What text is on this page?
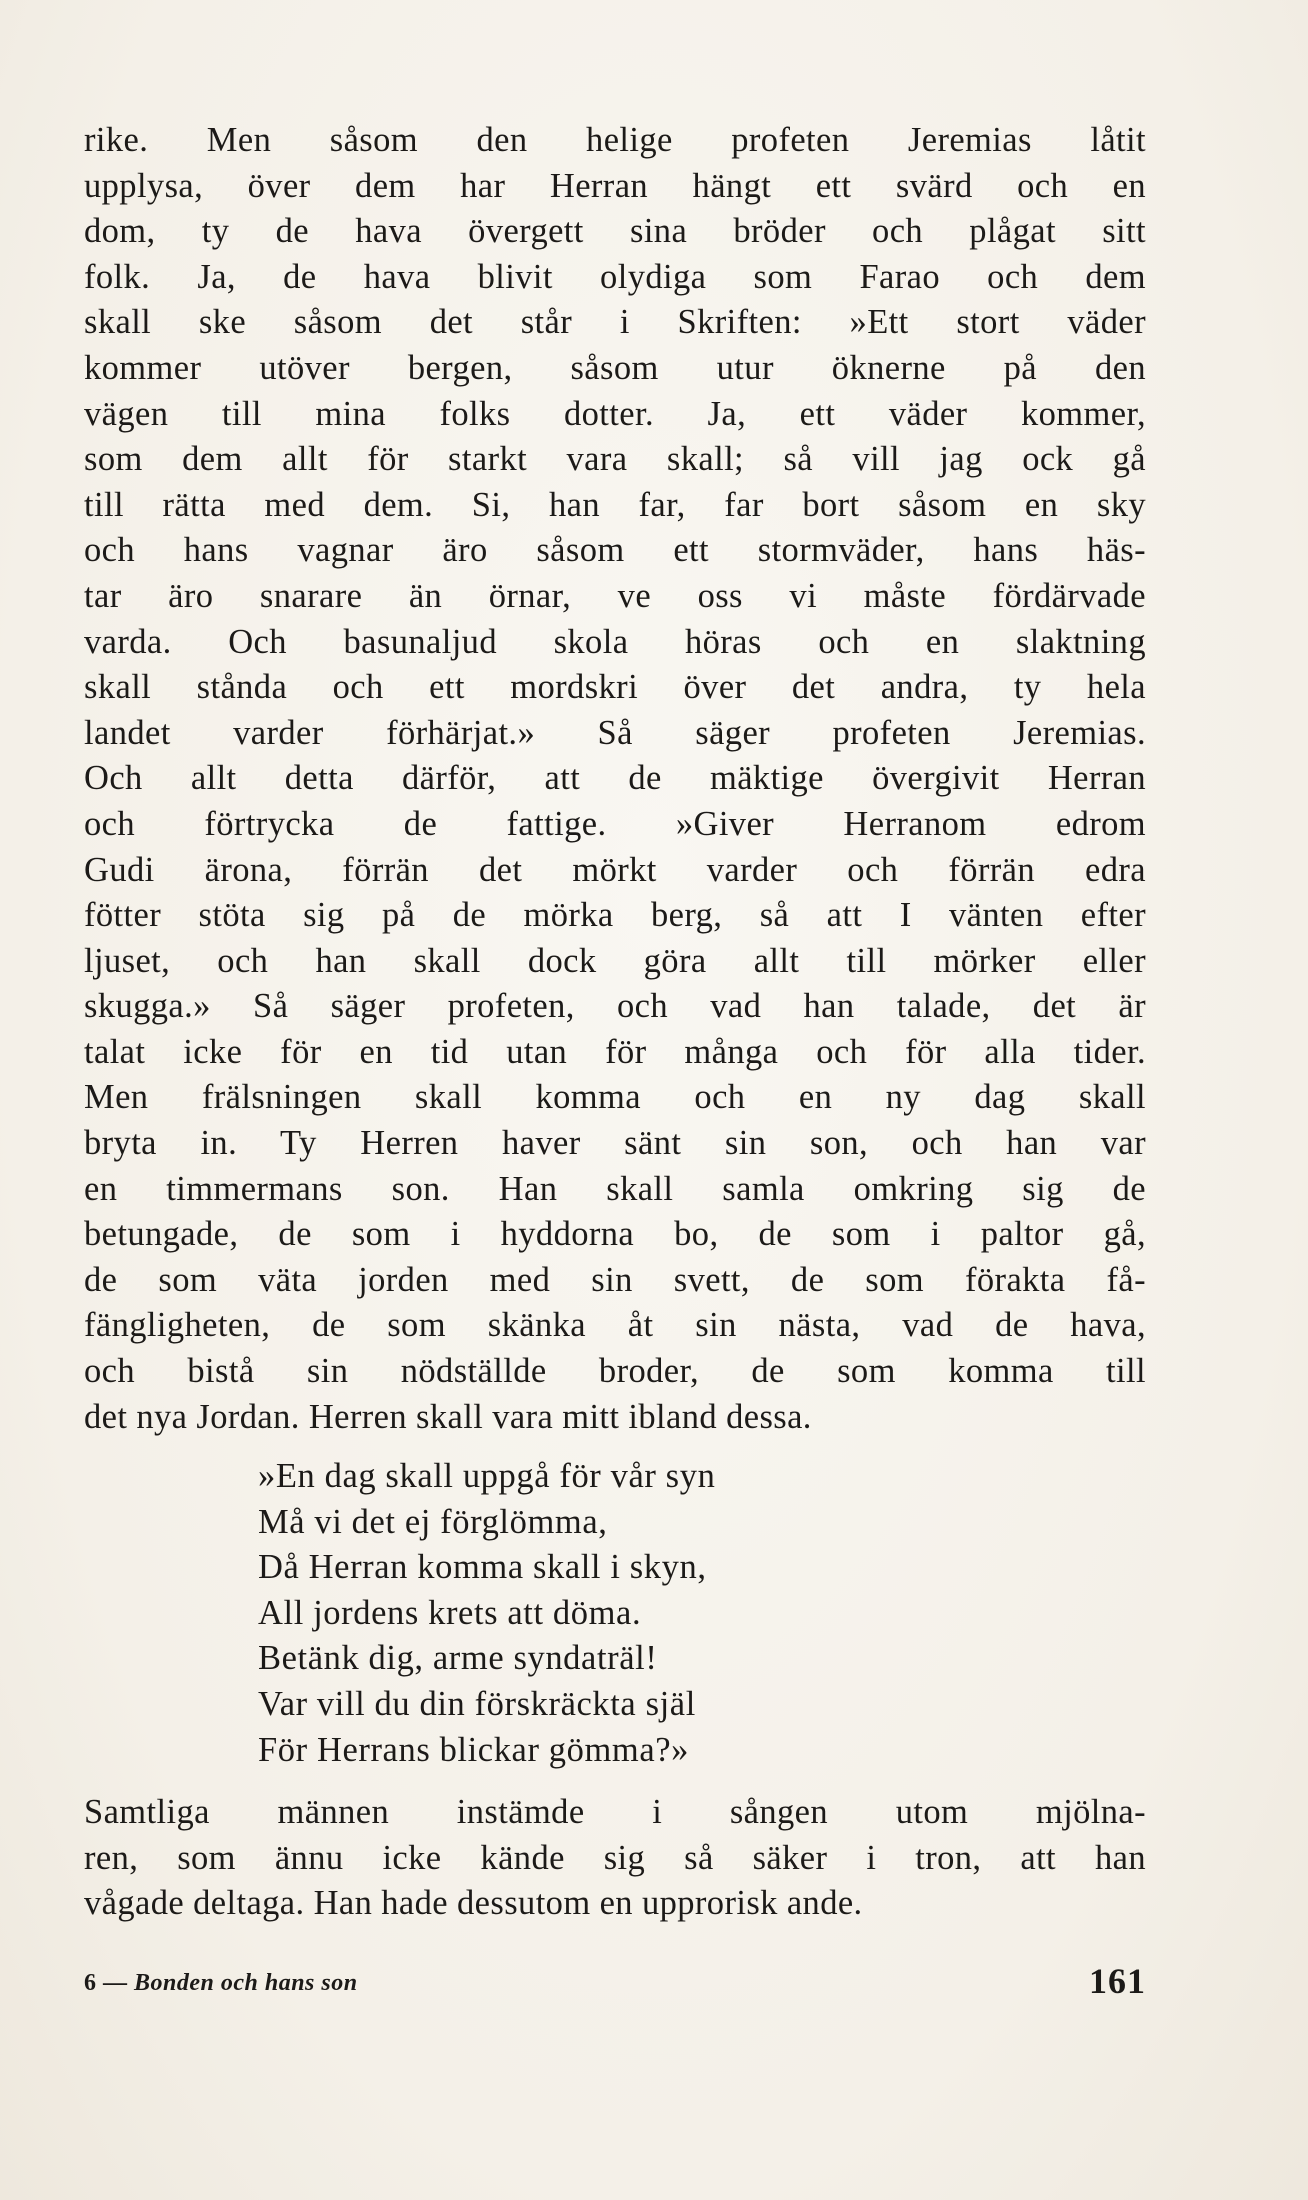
rike. Men såsom den helige profeten Jeremias låtit
upplysa, över dem har Herran hängt ett svärd och en
dom, ty de hava övergett sina bröder och plågat sitt
folk. Ja, de hava blivit olydiga som Farao och dem
skall ske såsom det står i Skriften: »Ett stort väder
kommer utöver bergen, såsom utur öknerne på den
vägen till mina folks dotter. Ja, ett väder kommer,
som dem allt för starkt vara skall; så vill jag ock gå
till rätta med dem. Si, han far, far bort såsom en sky
och hans vagnar äro såsom ett stormväder, hans häs-
tar äro snarare än örnar, ve oss vi måste fördärvade
varda. Och basunaljud skola höras och en slaktning
skall stånda och ett mordskri över det andra, ty hela
landet varder förhärjat.» Så säger profeten Jeremias.
Och allt detta därför, att de mäktige övergivit Herran
och förtrycka de fattige. »Giver Herranom edrom
Gudi ärona, förrän det mörkt varder och förrän edra
fötter stöta sig på de mörka berg, så att I vänten efter
ljuset, och han skall dock göra allt till mörker eller
skugga.» Så säger profeten, och vad han talade, det är
talat icke för en tid utan för många och för alla tider.
Men frälsningen skall komma och en ny dag skall
bryta in. Ty Herren haver sänt sin son, och han var
en timmermans son. Han skall samla omkring sig de
betungade, de som i hyddorna bo, de som i paltor gå,
de som väta jorden med sin svett, de som förakta få-
fängligheten, de som skänka åt sin nästa, vad de hava,
och bistå sin nödställde broder, de som komma till
det nya Jordan. Herren skall vara mitt ibland dessa.
»En dag skall uppgå för vår syn
Må vi det ej förglömma,
Då Herran komma skall i skyn,
All jordens krets att döma.
Betänk dig, arme syndaträl!
Var vill du din förskräckta själ
För Herrans blickar gömma?»
Samtliga männen instämde i sången utom mjölna-
ren, som ännu icke kände sig så säker i tron, att han
vågade deltaga. Han hade dessutom en upprorisk ande.
6 — Bonden och hans son	161
